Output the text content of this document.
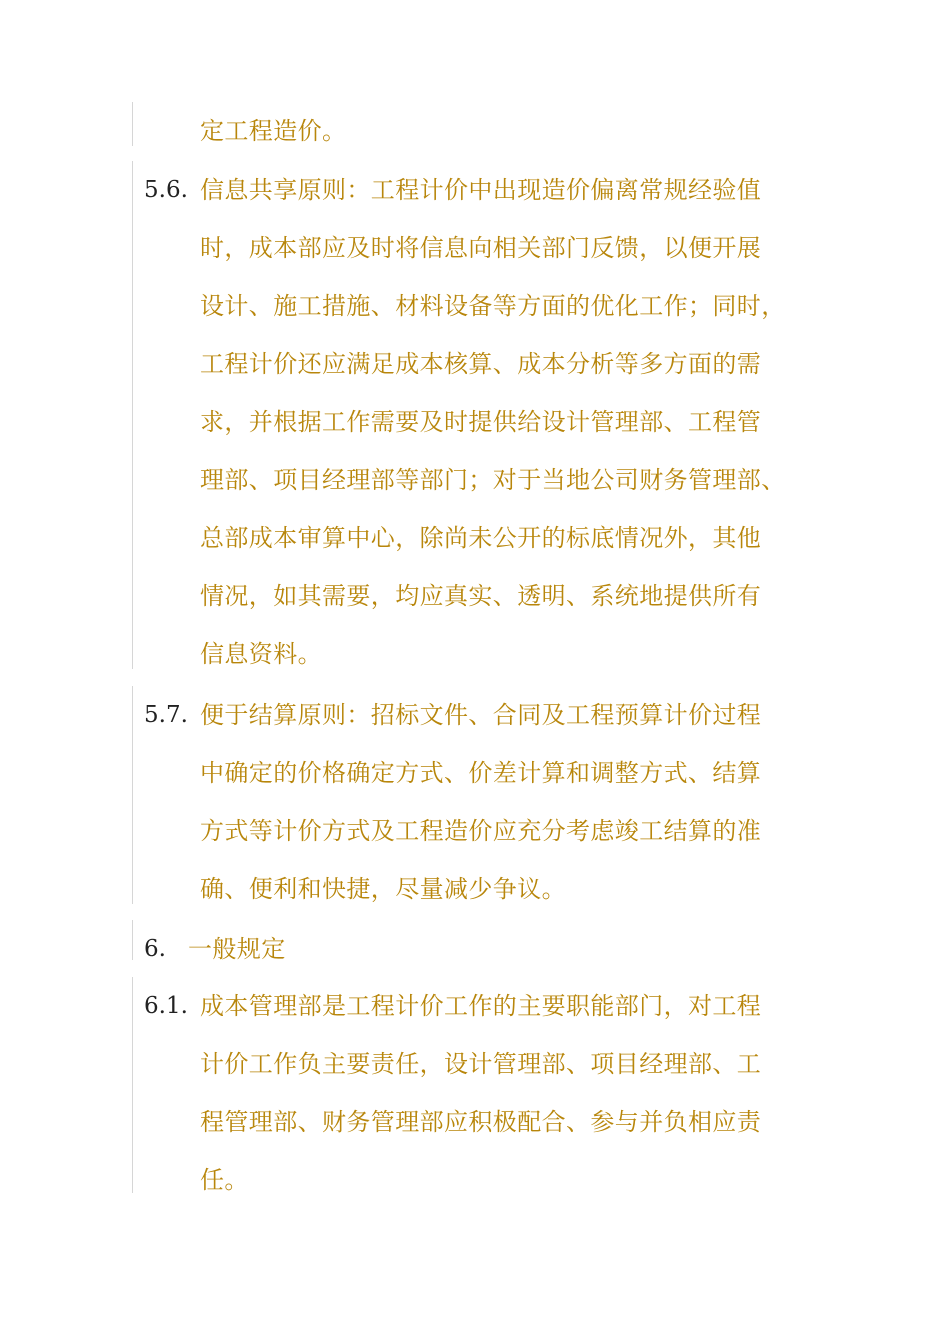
定工程造价。
5.6. 信息共享原则：工程计价中出现造价偏离常规经验值
时，成本部应及时将信息向相关部门反馈，以便开展
设计、施工措施、材料设备等方面的优化工作；同时，
工程计价还应满足成本核算、成本分析等多方面的需
求，并根据工作需要及时提供给设计管理部、工程管
理部、项目经理部等部门；对于当地公司财务管理部、
总部成本审算中心，除尚未公开的标底情况外，其他
情况，如其需要，均应真实、透明、系统地提供所有
信息资料。
5.7. 便于结算原则：招标文件、合同及工程预算计价过程
中确定的价格确定方式、价差计算和调整方式、结算
方式等计价方式及工程造价应充分考虑竣工结算的准
确、便利和快捷，尽量减少争议。
6. 一般规定
6.1. 成本管理部是工程计价工作的主要职能部门，对工程
计价工作负主要责任，设计管理部、项目经理部、工
程管理部、财务管理部应积极配合、参与并负相应责
任。
